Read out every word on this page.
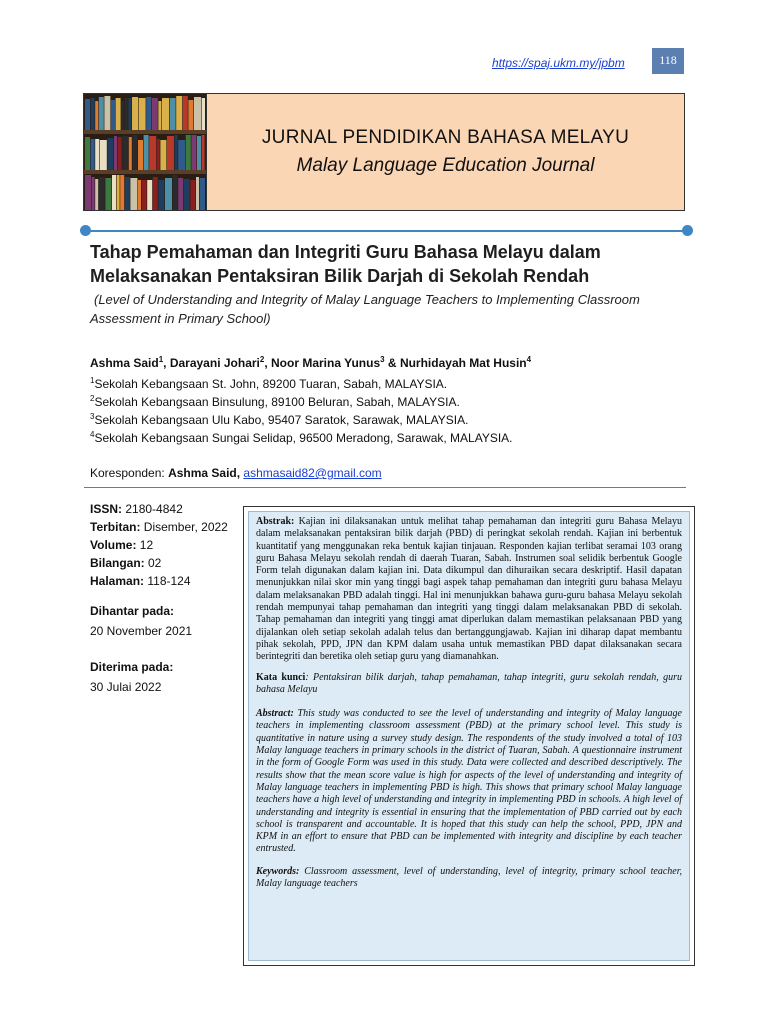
https://spaj.ukm.my/jpbm	118
JURNAL PENDIDIKAN BAHASA MELAYU
Malay Language Education Journal
Tahap Pemahaman dan Integriti Guru Bahasa Melayu dalam
Melaksanakan Pentaksiran Bilik Darjah di Sekolah Rendah
(Level of Understanding and Integrity of Malay Language Teachers to Implementing Classroom
Assessment in Primary School)
Ashma Said$^1$, Darayani Johari$^2$, Noor Marina Yunus$^3$ & Nurhidayah Mat Husin$^4$
$^1$Sekolah Kebangsaan St. John, 89200 Tuaran, Sabah, MALAYSIA.
$^2$Sekolah Kebangsaan Binsulung, 89100 Beluran, Sabah, MALAYSIA.
$^3$Sekolah Kebangsaan Ulu Kabo, 95407 Saratok, Sarawak, MALAYSIA.
$^4$Sekolah Kebangsaan Sungai Selidap, 96500 Meradong, Sarawak, MALAYSIA.
Koresponden: Ashma Said, ashmasaid82@gmail.com
ISSN: 2180-4842
Terbitan: Disember, 2022
Volume: 12
Bilangan: 02
Halaman: 118-124
Dihantar pada:
20 November 2021
Diterima pada:
30 Julai 2022

Abstrak: Kajian ini dilaksanakan untuk melihat tahap pemahaman dan integriti guru Bahasa Melayu dalam melaksanakan pentaksiran bilik darjah (PBD) di peringkat sekolah rendah. Kajian ini berbentuk kuantitatif yang menggunakan reka bentuk kajian tinjauan. Responden kajian terlibat seramai 103 orang guru Bahasa Melayu sekolah rendah di daerah Tuaran, Sabah. Instrumen soal selidik berbentuk Google Form telah digunakan dalam kajian ini. Data dikumpul dan dihuraikan secara deskriptif. Hasil dapatan menunjukkan nilai skor min yang tinggi bagi aspek tahap pemahaman dan integriti guru bahasa Melayu dalam melaksanakan PBD adalah tinggi. Hal ini menunjukkan bahawa guru-guru bahasa Melayu sekolah rendah mempunyai tahap pemahaman dan integriti yang tinggi dalam melaksanakan PBD di sekolah. Tahap pemahaman dan integriti yang tinggi amat diperlukan dalam memastikan pelaksanaan PBD yang dijalankan oleh setiap sekolah adalah telus dan bertanggungjawab. Kajian ini diharap dapat membantu pihak sekolah, PPD, JPN dan KPM dalam usaha untuk memastikan PBD dapat dilaksanakan secara berintegriti dan beretika oleh setiap guru yang diamanahkan.

Kata kunci: Pentaksiran bilik darjah, tahap pemahaman, tahap integriti, guru sekolah rendah, guru bahasa Melayu

Abstract: This study was conducted to see the level of understanding and integrity of Malay language teachers in implementing classroom assessment (PBD) at the primary school level. This study is quantitative in nature using a survey study design. The respondents of the study involved a total of 103 Malay language teachers in primary schools in the district of Tuaran, Sabah. A questionnaire instrument in the form of Google Form was used in this study. Data were collected and described descriptively. The results show that the mean score value is high for aspects of the level of understanding and integrity of Malay language teachers in implementing PBD is high. This shows that primary school Malay language teachers have a high level of understanding and integrity in implementing PBD in schools. A high level of understanding and integrity is essential in ensuring that the implementation of PBD carried out by each school is transparent and accountable. It is hoped that this study can help the school, PPD, JPN and KPM in an effort to ensure that PBD can be implemented with integrity and discipline by each teacher entrusted.

Keywords: Classroom assessment, level of understanding, level of integrity, primary school teacher, Malay language teachers
